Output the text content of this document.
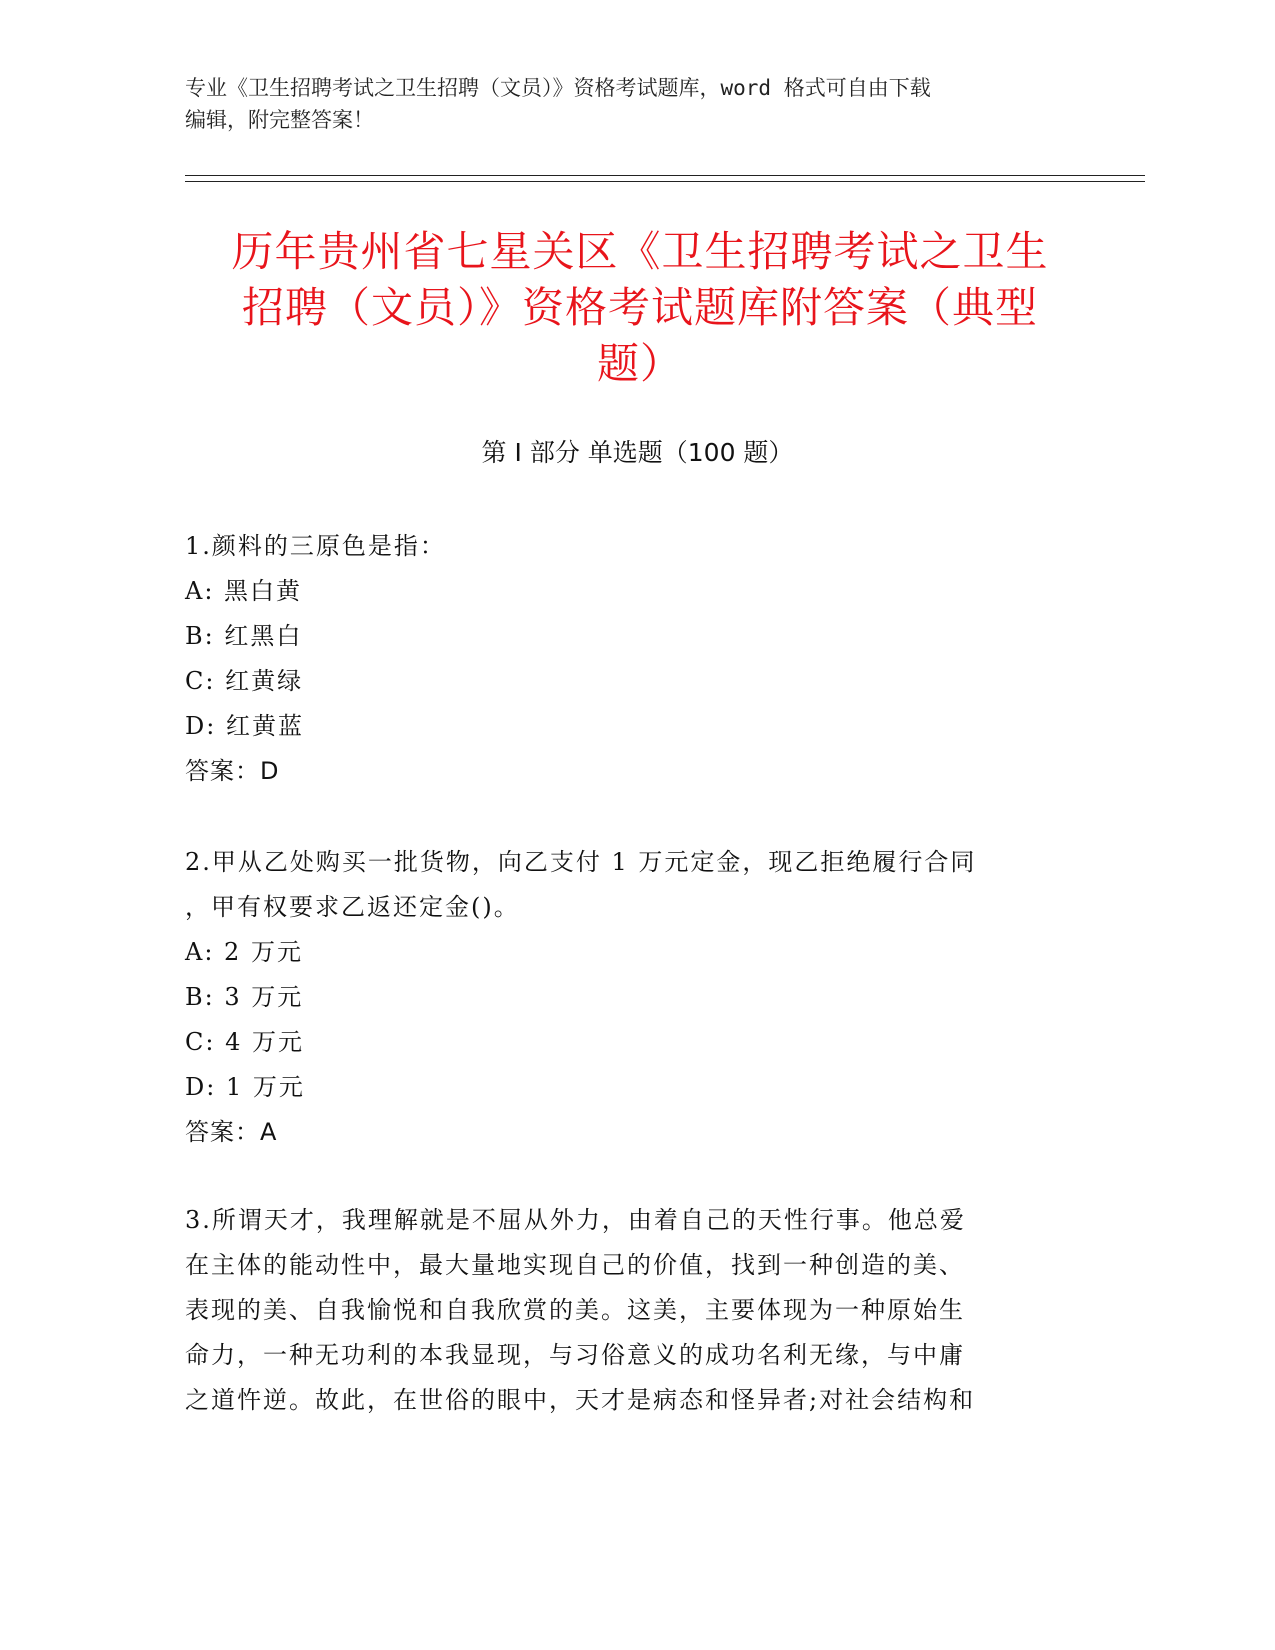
专业《卫生招聘考试之卫生招聘（文员）》资格考试题库，word 格式可自由下载
编辑，附完整答案！
历年贵州省七星关区《卫生招聘考试之卫生
招聘（文员）》资格考试题库附答案（典型
题）
第 I 部分 单选题（100 题）
1.颜料的三原色是指：
A: 黑白黄
B: 红黑白
C: 红黄绿
D: 红黄蓝
答案：D
2.甲从乙处购买一批货物，向乙支付 1 万元定金，现乙拒绝履行合同
，甲有权要求乙返还定金()。
A: 2 万元
B: 3 万元
C: 4 万元
D: 1 万元
答案：A
3.所谓天才，我理解就是不屈从外力，由着自己的天性行事。他总爱
在主体的能动性中，最大量地实现自己的价值，找到一种创造的美、
表现的美、自我愉悦和自我欣赏的美。这美，主要体现为一种原始生
命力，一种无功利的本我显现，与习俗意义的成功名利无缘，与中庸
之道忤逆。故此，在世俗的眼中，天才是病态和怪异者;对社会结构和
